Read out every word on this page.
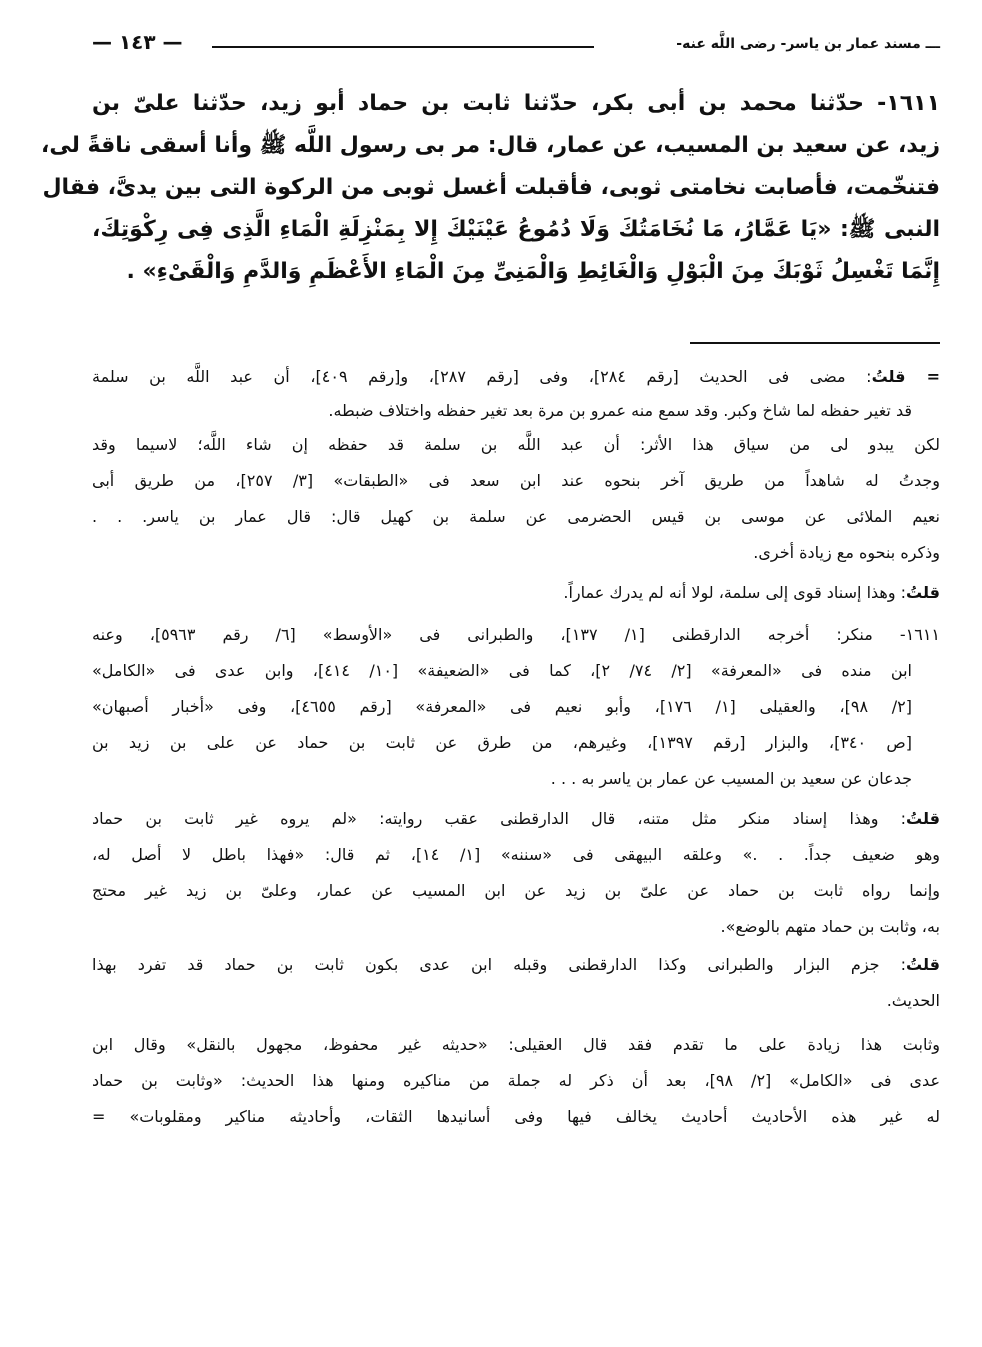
— ١٤٣ —	ـــ مسند عمار بن ياسر- رضى اللَّه عنه-
١٦١١- حدّثنا محمد بن أبى بكر، حدّثنا ثابت بن حماد أبو زيد، حدّثنا علىّ بن
زيد، عن سعيد بن المسيب، عن عمار، قال: مر بى رسول اللَّه ﷺ وأنا أسقى ناقةً لى،
فتنخّمت، فأصابت نخامتى ثوبى، فأقبلت أغسل ثوبى من الركوة التى بين يدىَّ، فقال
النبى ﷺ: «يَا عَمَّارُ، مَا نُخَامَتُكَ وَلَا دُمُوعُ عَيْنَيْكَ إِلا بِمَنْزِلَةِ الْمَاءِ الَّذِى فِى رِكْوَتِكَ،
إِنَّمَا تَغْسِلُ ثَوْبَكَ مِنَ الْبَوْلِ وَالْغَائِطِ وَالْمَنِىِّ مِنَ الْمَاءِ الأَعْظَمِ وَالدَّمِ وَالْقَىْءِ» .
= قلتُ: مضى فى الحديث [رقم ٢٨٤]، وفى [رقم ٢٨٧]، و[رقم ٤٠٩]، أن عبد اللَّه بن سلمة
قد تغير حفظه لما شاخ وكبر. وقد سمع منه عمرو بن مرة بعد تغير حفظه واختلاف ضبطه.
لكن يبدو لى من سياق هذا الأثر: أن عبد اللَّه بن سلمة قد حفظه إن شاء اللَّه؛ لاسيما وقد
وجدتُ له شاهداً من طريق آخر بنحوه عند ابن سعد فى «الطبقات» [٣/ ٢٥٧]، من طريق أبى
نعيم الملائى عن موسى بن قيس الحضرمى عن سلمة بن كهيل قال: قال عمار بن ياسر. . .
وذكره بنحوه مع زيادة أخرى.
قلتُ: وهذا إسناد قوى إلى سلمة، لولا أنه لم يدرك عماراً.
١٦١١- منكر: أخرجه الدارقطنى [١/ ١٣٧]، والطبرانى فى «الأوسط» [٦/ رقم ٥٩٦٣]، وعنه
ابن منده فى «المعرفة» [٢/ ٧٤/ ٢]، كما فى «الضعيفة» [١٠/ ٤١٤]، وابن عدى فى «الكامل»
[٢/ ٩٨]، والعقيلى [١/ ١٧٦]، وأبو نعيم فى «المعرفة» [رقم ٤٦٥٥]، وفى «أخبار أصبهان»
[ص ٣٤٠]، والبزار [رقم ١٣٩٧]، وغيرهم، من طرق عن ثابت بن حماد عن على بن زيد بن
جدعان عن سعيد بن المسيب عن عمار بن ياسر به . . .
قلتُ: وهذا إسناد منكر مثل متنه، قال الدارقطنى عقب روايته: «لم يروه غير ثابت بن حماد
وهو ضعيف جداً. . .» وعلقه البيهقى فى «سننه» [١/ ١٤]، ثم قال: «فهذا باطل لا أصل له،
وإنما رواه ثابت بن حماد عن علىّ بن زيد عن ابن المسيب عن عمار، وعلىّ بن زيد غير محتج
به، وثابت بن حماد متهم بالوضع».
قلتُ: جزم البزار والطبرانى وكذا الدارقطنى وقبله ابن عدى بكون ثابت بن حماد قد تفرد بهذا
الحديث.
وثابت هذا زيادة على ما تقدم فقد قال العقيلى: «حديثه غير محفوظ، مجهول بالنقل» وقال ابن
عدى فى «الكامل» [٢/ ٩٨]، بعد أن ذكر له جملة من مناكيره ومنها هذا الحديث: «وثابت بن حماد
له غير هذه الأحاديث أحاديث يخالف فيها وفى أسانيدها الثقات، وأحاديثه مناكير ومقلوبات» =
